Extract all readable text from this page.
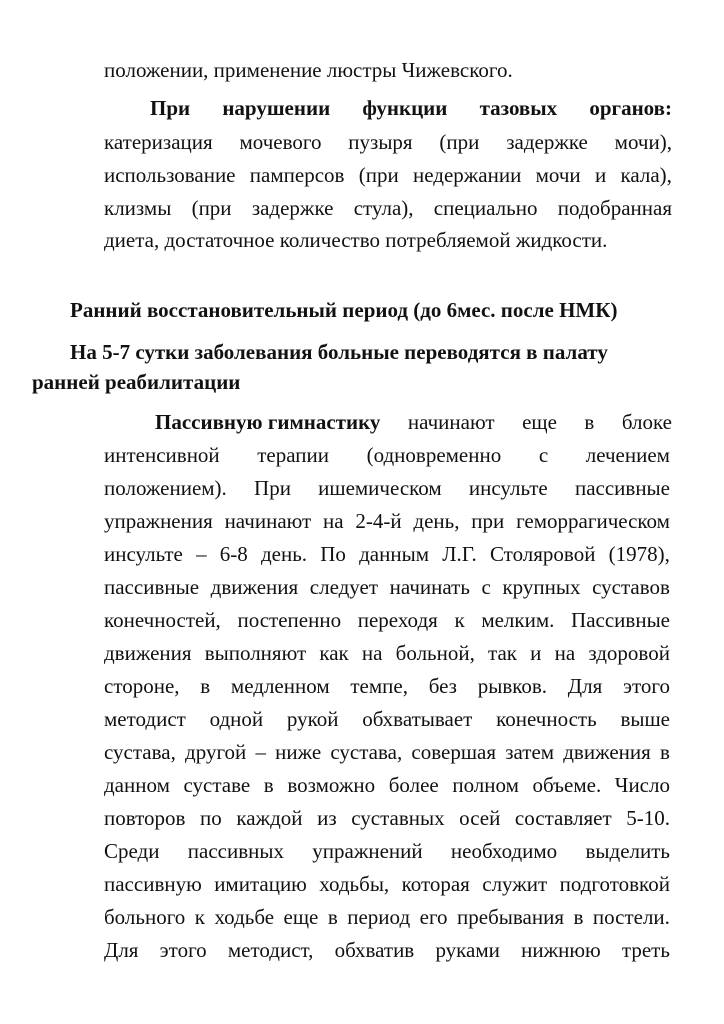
положении, применение люстры Чижевского.
При нарушении функции тазовых органов:
катеризация мочевого пузыря (при задержке мочи),
использование памперсов (при недержании мочи и кала),
клизмы (при задержке стула), специально подобранная
диета, достаточное количество потребляемой жидкости.
Ранний восстановительный период (до 6мес. после НМК)
На 5-7 сутки заболевания больные переводятся в палату
ранней реабилитации
Пассивную гимнастику начинают еще в блоке
интенсивной терапии (одновременно с лечением
положением). При ишемическом инсульте пассивные
упражнения начинают на 2-4-й день, при геморрагическом
инсульте – 6-8 день. По данным Л.Г. Столяровой (1978),
пассивные движения следует начинать с крупных суставов
конечностей, постепенно переходя к мелким. Пассивные
движения выполняют как на больной, так и на здоровой
стороне, в медленном темпе, без рывков. Для этого
методист одной рукой обхватывает конечность выше
сустава, другой – ниже сустава, совершая затем движения в
данном суставе в возможно более полном объеме. Число
повторов по каждой из суставных осей составляет 5-10.
Среди пассивных упражнений необходимо выделить
пассивную имитацию ходьбы, которая служит подготовкой
больного к ходьбе еще в период его пребывания в постели.
Для этого методист, обхватив руками нижнюю треть
